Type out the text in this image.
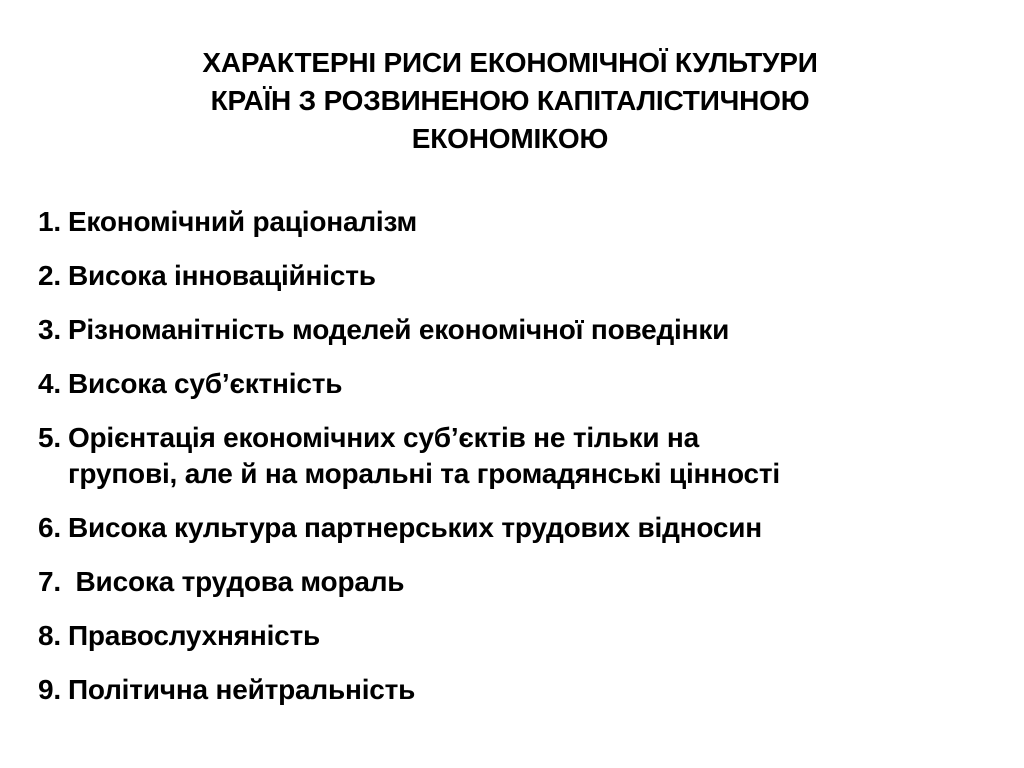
ХАРАКТЕРНІ РИСИ ЕКОНОМІЧНОЇ КУЛЬТУРИ
КРАЇН З РОЗВИНЕНОЮ КАПІТАЛІСТИЧНОЮ
ЕКОНОМІКОЮ
1. Економічний раціоналізм
2. Висока інноваційність
3. Різноманітність моделей економічної поведінки
4. Висока суб’єктність
5. Орієнтація економічних суб’єктів не тільки на
групові, але й на моральні та громадянські цінності
6. Висока культура партнерських трудових відносин
7. Висока трудова мораль
8. Правослухняність
9. Політична нейтральність
